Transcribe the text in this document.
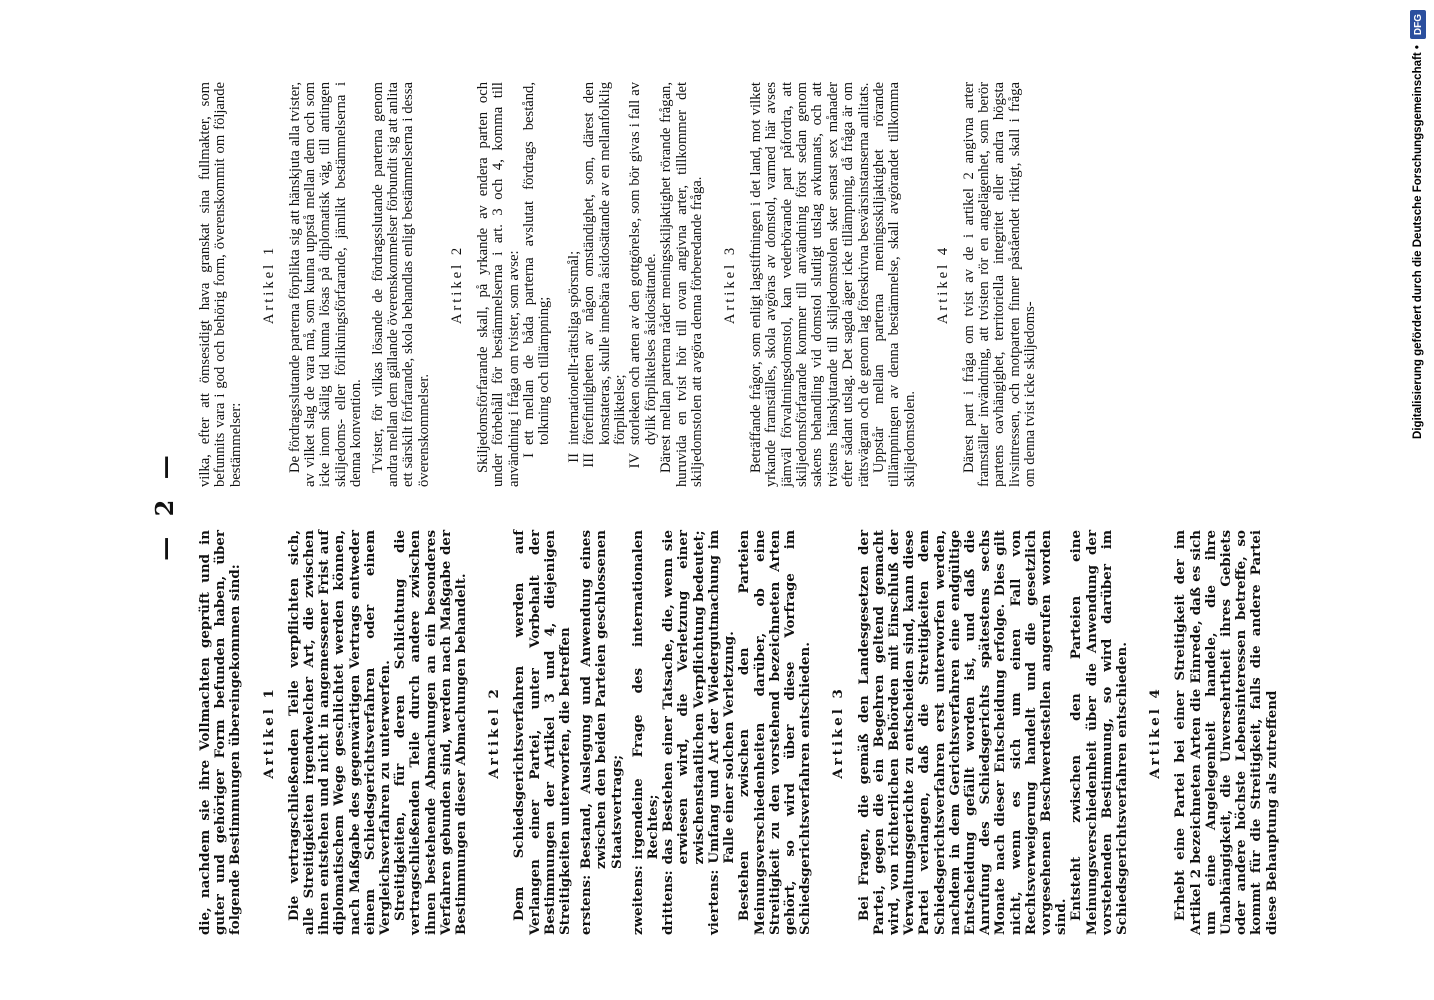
— 2 —

die, nachdem sie ihre Vollmachten geprüft und in guter und gehöriger Form befunden haben, über folgende Bestimmungen übereingekommen sind: Artikel 1 Die vertragschließenden Teile verpflichten sich, alle Streitigkeiten irgendwelcher Art, die zwischen ihnen entstehen und nicht in angemessener Frist auf diplomatischem Wege geschlichtet werden können, nach Maßgabe des gegenwärtigen Vertrags entweder einem Schiedsgerichtsverfahren oder einem Vergleichsverfahren zu unterwerfen. Streitigkeiten, für deren Schlichtung die vertragschließenden Teile durch andere zwischen ihnen bestehende Abmachungen an ein besonderes Verfahren gebunden sind, werden nach Maßgabe der Bestimmungen dieser Abmachungen behandelt. Artikel 2 Dem Schiedsgerichtsverfahren werden auf Verlangen einer Partei, unter Vorbehalt der Bestimmungen der Artikel 3 und 4, diejenigen Streitigkeiten unterworfen, die betreffen erstens:
Bestand, Auslegung und Anwendung eines zwischen den beiden Parteien geschlossenen Staatsvertrags;
zweitens:
irgendeine Frage des internationalen Rechtes;
drittens:
das Bestehen einer Tatsache, die, wenn sie erwiesen wird, die Verletzung einer zwischenstaatlichen Verpflichtung bedeutet;
viertens:
Umfang und Art der Wiedergutmachung im Falle einer solchen Verletzung. Bestehen zwischen den Parteien Meinungsverschiedenheiten darüber, ob eine Streitigkeit zu den vorstehend bezeichneten Arten gehört, so wird über diese Vorfrage im Schiedsgerichtsverfahren entschieden. Artikel 3 Bei Fragen, die gemäß den Landesgesetzen der Partei, gegen die ein Begehren geltend gemacht wird, von richterlichen Behörden mit Einschluß der Verwaltungsgerichte zu entscheiden sind, kann diese Partei verlangen, daß die Streitigkeiten dem Schiedsgerichtsverfahren erst unterworfen werden, nachdem in dem Gerichtsverfahren eine endgültige Entscheidung gefällt worden ist, und daß die Anrufung des Schiedsgerichts spätestens sechs Monate nach dieser Entscheidung erfolge. Dies gilt nicht, wenn es sich um einen Fall von Rechtsverweigerung handelt und die gesetzlich vorgesehenen Beschwerdestellen angerufen worden sind. Entsteht zwischen den Parteien eine Meinungsverschiedenheit über die Anwendung der vorstehenden Bestimmung, so wird darüber im Schiedsgerichtsverfahren entschieden. Artikel 4 Erhebt eine Partei bei einer Streitigkeit der im Artikel 2 bezeichneten Arten die Einrede, daß es sich um eine Angelegenheit handele, die ihre Unabhängigkeit, die Unversehrtheit ihres Gebiets oder andere höchste Lebensinteressen betreffe, so kommt für die Streitigkeit, falls die andere Partei diese Behauptung als zutreffend

vilka, efter att ömsesidigt hava granskat sina fullmakter, som befunnits vara i god och behörig form, överenskommit om följande bestämmelser:

Artikel 1 De fördragsslutande parterna förplikta sig att hänskjuta alla tvister, av vilket slag de vara må, som kunna uppstå mellan dem och som icke inom skälig tid kunna lösas på diplomatisk väg, till antingen skiljedoms- eller förlikningsförfarande, jämlikt bestämmelserna i denna konvention. Tvister, för vilkas lösande de fördragsslutande parterna genom andra mellan dem gällande överenskommelser förbundit sig att anlita ett särskilt förfarande, skola behandlas enligt bestämmelserna i dessa överenskommelser.

Artikel 2 Skiljedomsförfarande skall, på yrkande av endera parten och under förbehåll för bestämmelserna i art. 3 och 4, komma till användning i fråga om tvister, som avse: I
ett mellan de båda parterna avslutat fördrags bestånd, tolkning och tillämpning;
II
internationellt-rättsliga spörsmål;
III
förefintligheten av någon omständighet, som, därest den konstateras, skulle innebära åsidosättande av en mellanfolklig förpliktelse;
IV
storleken och arten av den gottgörelse, som bör givas i fall av dylik förpliktelses åsidosättande. Därest mellan parterna råder meningsskiljaktighet rörande frågan, huruvida en tvist hör till ovan angivna arter, tillkommer det skiljedomstolen att avgöra denna förberedande fråga. Artikel 3 Beträffande frågor, som enligt lagstiftningen i det land, mot vilket yrkande framställes, skola avgöras av domstol, varmed här avses jämväl förvaltningsdomstol, kan vederbörande part påfordra, att skiljedomsförfarande kommer till användning först sedan genom sakens behandling vid domstol slutligt utslag avkunnats, och att tvistens hänskjutande till skiljedomstolen sker senast sex månader efter sådant utslag. Det sagda äger icke tillämpning, då fråga är om rättsvägran och de genom lag föreskrivna besvärsinstanserna anlitats. Uppstår mellan parterna meningsskiljaktighet rörande tillämpningen av denna bestämmelse, skall avgörandet tillkomma skiljedomstolen.

Artikel 4 Därest part i fråga om tvist av de i artikel 2 angivna arter framställer invändning, att tvisten rör en angelägenhet, som berör partens oavhängighet, territoriella integritet eller andra högsta livsintressen, och motparten finner påståendet riktigt, skall i fråga om denna tvist icke skiljedoms-	Digitalisierung gefördert durch die Deutsche Forschungsgemeinschaft •
DFG
